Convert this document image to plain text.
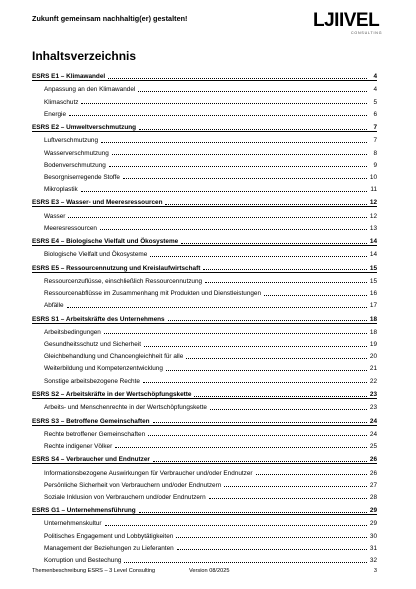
Zukunft gemeinsam nachhaltig(er) gestalten!	LJIIVEL
CONSULTING
Inhaltsverzeichnis
ESRS E1 – Klimawandel	4
Anpassung an den Klimawandel	4
Klimaschutz	5
Energie	6
ESRS E2 – Umweltverschmutzung	7
Luftverschmutzung	7
Wasserverschmutzung	8
Bodenverschmutzung	9
Besorgniserregende Stoffe	10
Mikroplastik	11
ESRS E3 – Wasser- und Meeresressourcen	12
Wasser	12
Meeresressourcen	13
ESRS E4 – Biologische Vielfalt und Ökosysteme	14
Biologische Vielfalt und Ökosysteme	14
ESRS E5 – Ressourcennutzung und Kreislaufwirtschaft	15
Ressourcenzuflüsse, einschließlich Ressourcennutzung	15
Ressourcenabflüsse im Zusammenhang mit Produkten und Dienstleistungen	16
Abfälle	17
ESRS S1 – Arbeitskräfte des Unternehmens	18
Arbeitsbedingungen	18
Gesundheitsschutz und Sicherheit	19
Gleichbehandlung und Chancengleichheit für alle	20
Weiterbildung und Kompetenzentwicklung	21
Sonstige arbeitsbezogene Rechte	22
ESRS S2 – Arbeitskräfte in der Wertschöpfungskette	23
Arbeits- und Menschenrechte in der Wertschöpfungskette	23
ESRS S3 – Betroffene Gemeinschaften	24
Rechte betroffener Gemeinschaften	24
Rechte indigener Völker	25
ESRS S4 – Verbraucher und Endnutzer	26
Informationsbezogene Auswirkungen für Verbraucher und/oder Endnutzer	26
Persönliche Sicherheit von Verbrauchern und/oder Endnutzern	27
Soziale Inklusion von Verbrauchern und/oder Endnutzern	28
ESRS G1 – Unternehmensführung	29
Unternehmenskultur	29
Politisches Engagement und Lobbytätigkeiten	30
Management der Beziehungen zu Lieferanten	31
Korruption und Bestechung	32
Themenbeschreibung ESRS – 3 Level Consulting	Version 08/2025	3
